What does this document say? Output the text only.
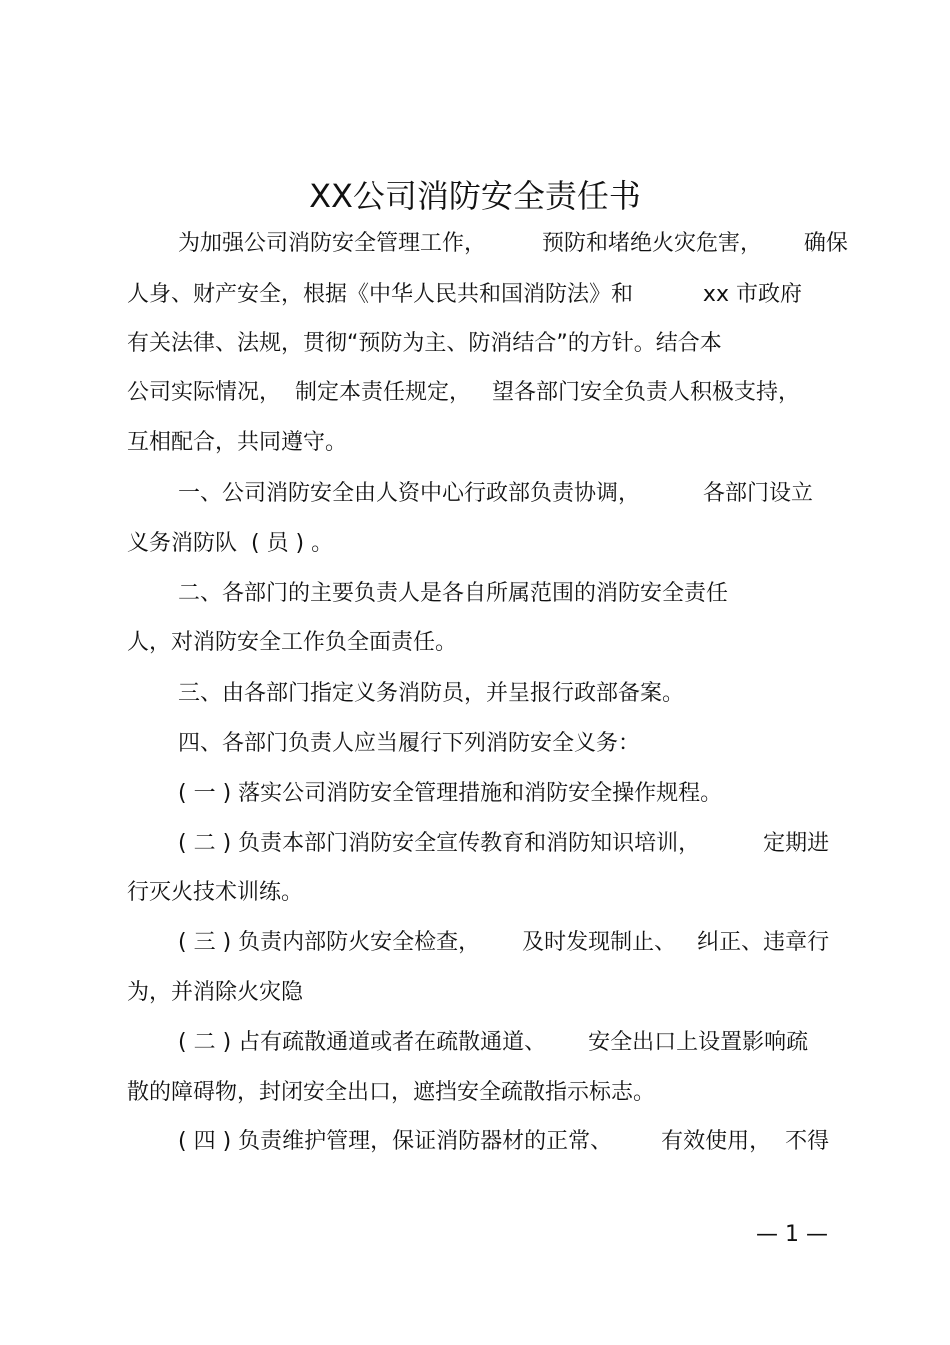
XX公司消防安全责任书
为加强公司消防安全管理工作，        预防和堵绝火灾危害，      确保
人身、财产安全，根据《中华人民共和国消防法》和          xx 市政府
有关法律、法规，贯彻“预防为主、防消结合”的方针。结合本
公司实际情况，  制定本责任规定，   望各部门安全负责人积极支持，
互相配合，共同遵守。
一、公司消防安全由人资中心行政部负责协调，         各部门设立
义务消防队  ( 员 ) 。
二、各部门的主要负责人是各自所属范围的消防安全责任
人，对消防安全工作负全面责任。
三、由各部门指定义务消防员，并呈报行政部备案。
四、各部门负责人应当履行下列消防安全义务：
( 一 ) 落实公司消防安全管理措施和消防安全操作规程。
( 二 ) 负责本部门消防安全宣传教育和消防知识培训，         定期进
行灭火技术训练。
( 三 ) 负责内部防火安全检查，      及时发现制止、   纠正、违章行
为，并消除火灾隐
( 二 ) 占有疏散通道或者在疏散通道、      安全出口上设置影响疏
散的障碍物，封闭安全出口，遮挡安全疏散指示标志。
( 四 ) 负责维护管理，保证消防器材的正常、       有效使用，  不得
— 1 —
